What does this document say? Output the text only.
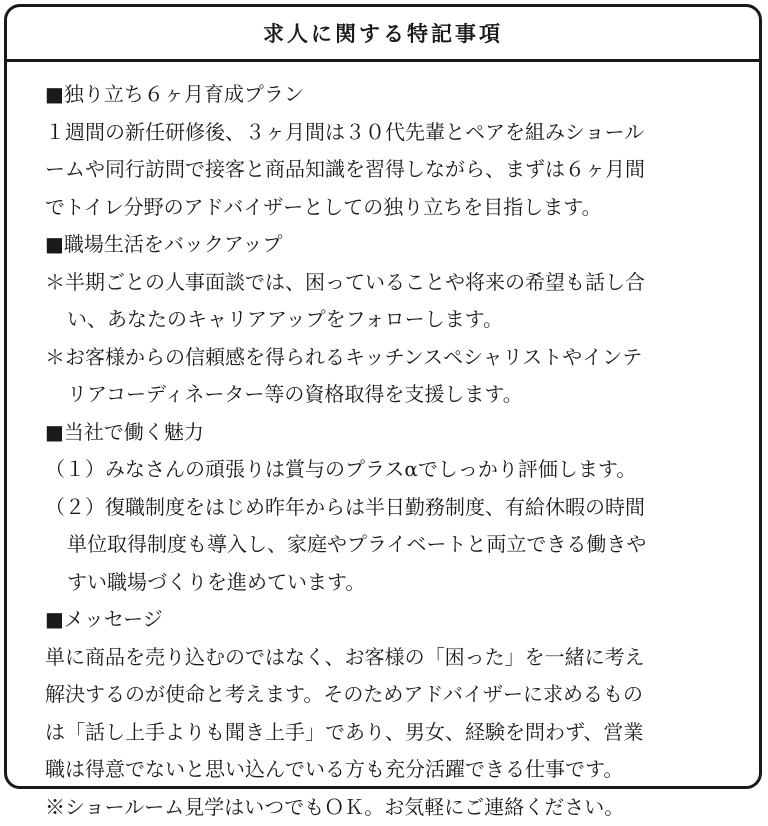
求人に関する特記事項
■独り立ち６ヶ月育成プラン
１週間の新任研修後、３ヶ月間は３０代先輩とペアを組みショール
ームや同行訪問で接客と商品知識を習得しながら、まずは６ヶ月間
でトイレ分野のアドバイザーとしての独り立ちを目指します。
■職場生活をバックアップ
＊半期ごとの人事面談では、困っていることや将来の希望も話し合
い、あなたのキャリアアップをフォローします。
＊お客様からの信頼感を得られるキッチンスペシャリストやインテ
リアコーディネーター等の資格取得を支援します。
■当社で働く魅力
（１）みなさんの頑張りは賞与のプラスαでしっかり評価します。
（２）復職制度をはじめ昨年からは半日勤務制度、有給休暇の時間
単位取得制度も導入し、家庭やプライベートと両立できる働きや
すい職場づくりを進めています。
■メッセージ
単に商品を売り込むのではなく、お客様の「困った」を一緒に考え
解決するのが使命と考えます。そのためアドバイザーに求めるもの
は「話し上手よりも聞き上手」であり、男女、経験を問わず、営業
職は得意でないと思い込んでいる方も充分活躍できる仕事です。
※ショールーム見学はいつでもＯＫ。お気軽にご連絡ください。
